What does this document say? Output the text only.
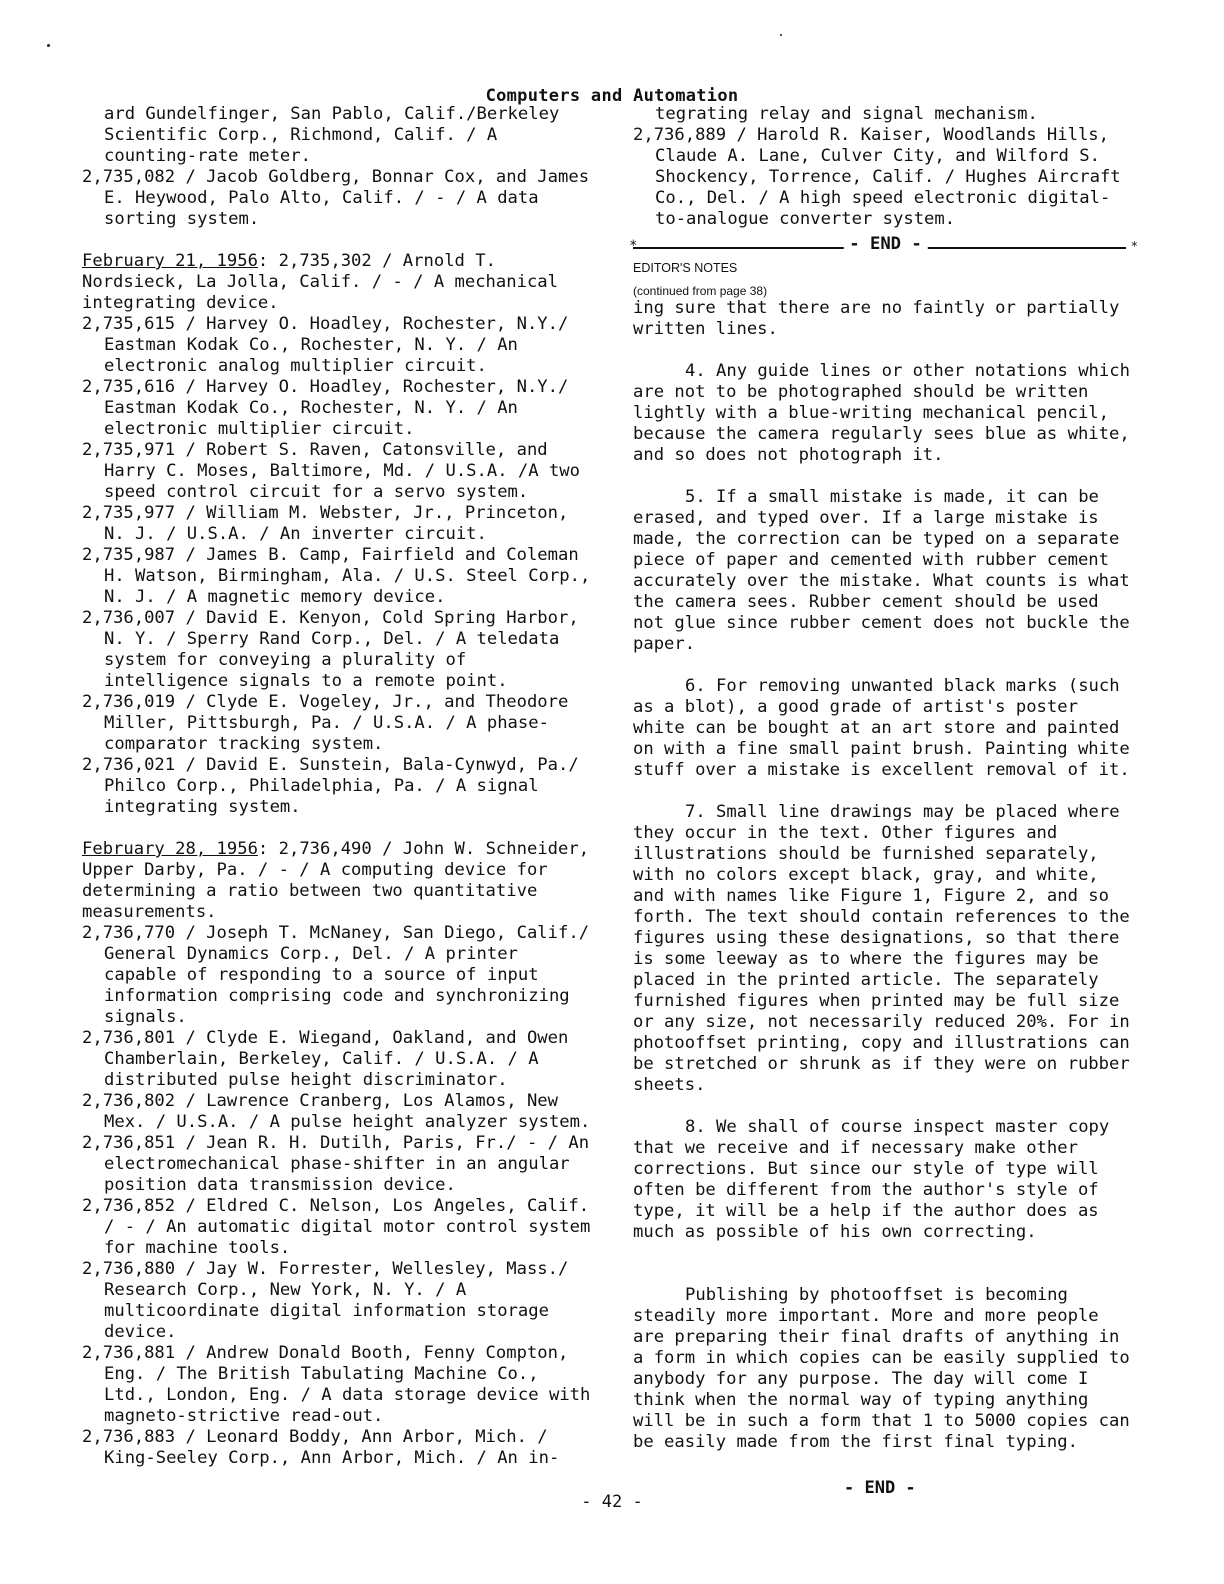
Computers and Automation

ard Gundelfinger, San Pablo, Calif./Berkeley Scientific Corp., Richmond, Calif. / A counting-rate meter.

2,735,082 / Jacob Goldberg, Bonnar Cox, and James E. Heywood, Palo Alto, Calif. / - / A data sorting system.

February 21, 1956: 2,735,302 / Arnold T. Nordsieck, La Jolla, Calif. / - / A mechanical integrating device.

2,735,615 / Harvey O. Hoadley, Rochester, N.Y./ Eastman Kodak Co., Rochester, N. Y. / An electronic analog multiplier circuit.

2,735,616 / Harvey O. Hoadley, Rochester, N.Y./ Eastman Kodak Co., Rochester, N. Y. / An electronic multiplier circuit.

2,735,971 / Robert S. Raven, Catonsville, and Harry C. Moses, Baltimore, Md. / U.S.A. /A two speed control circuit for a servo system.

2,735,977 / William M. Webster, Jr., Princeton, N. J. / U.S.A. / An inverter circuit.

2,735,987 / James B. Camp, Fairfield and Coleman H. Watson, Birmingham, Ala. / U.S. Steel Corp., N. J. / A magnetic memory device.

2,736,007 / David E. Kenyon, Cold Spring Harbor, N. Y. / Sperry Rand Corp., Del. / A teledata system for conveying a plurality of intelligence signals to a remote point.

2,736,019 / Clyde E. Vogeley, Jr., and Theodore Miller, Pittsburgh, Pa. / U.S.A. / A phase-comparator tracking system.

2,736,021 / David E. Sunstein, Bala-Cynwyd, Pa./ Philco Corp., Philadelphia, Pa. / A signal integrating system.

February 28, 1956: 2,736,490 / John W. Schneider, Upper Darby, Pa. / - / A computing device for determining a ratio between two quantitative measurements.

2,736,770 / Joseph T. McNaney, San Diego, Calif./ General Dynamics Corp., Del. / A printer capable of responding to a source of input information comprising code and synchronizing signals.

2,736,801 / Clyde E. Wiegand, Oakland, and Owen Chamberlain, Berkeley, Calif. / U.S.A. / A distributed pulse height discriminator.

2,736,802 / Lawrence Cranberg, Los Alamos, New Mex. / U.S.A. / A pulse height analyzer system.

2,736,851 / Jean R. H. Dutilh, Paris, Fr./ - / An electromechanical phase-shifter in an angular position data transmission device.

2,736,852 / Eldred C. Nelson, Los Angeles, Calif. / - / An automatic digital motor control system for machine tools.

2,736,880 / Jay W. Forrester, Wellesley, Mass./ Research Corp., New York, N. Y. / A multicoordinate digital information storage device.

2,736,881 / Andrew Donald Booth, Fenny Compton, Eng. / The British Tabulating Machine Co., Ltd., London, Eng. / A data storage device with magneto-strictive read-out.

2,736,883 / Leonard Boddy, Ann Arbor, Mich. / King-Seeley Corp., Ann Arbor, Mich. / An in-

tegrating relay and signal mechanism.

2,736,889 / Harold R. Kaiser, Woodlands Hills, Claude A. Lane, Culver City, and Wilford S. Shockency, Torrence, Calif. / Hughes Aircraft Co., Del. / A high speed electronic digital-to-analogue converter system.

*	- END -	*
EDITOR'S NOTES
(continued from page 38)

ing sure that there are no faintly or partially written lines.

4. Any guide lines or other notations which are not to be photographed should be written lightly with a blue-writing mechanical pencil, because the camera regularly sees blue as white, and so does not photograph it.

5. If a small mistake is made, it can be erased, and typed over. If a large mistake is made, the correction can be typed on a separate piece of paper and cemented with rubber cement accurately over the mistake. What counts is what the camera sees. Rubber cement should be used not glue since rubber cement does not buckle the paper.

6. For removing unwanted black marks (such as a blot), a good grade of artist's poster white can be bought at an art store and painted on with a fine small paint brush. Painting white stuff over a mistake is excellent removal of it.

7. Small line drawings may be placed where they occur in the text. Other figures and illustrations should be furnished separately, with no colors except black, gray, and white, and with names like Figure 1, Figure 2, and so forth. The text should contain references to the figures using these designations, so that there is some leeway as to where the figures may be placed in the printed article. The separately furnished figures when printed may be full size or any size, not necessarily reduced 20%. For in photooffset printing, copy and illustrations can be stretched or shrunk as if they were on rubber sheets.

8. We shall of course inspect master copy that we receive and if necessary make other corrections. But since our style of type will often be different from the author's style of type, it will be a help if the author does as much as possible of his own correcting.

Publishing by photooffset is becoming steadily more important. More and more people are preparing their final drafts of anything in a form in which copies can be easily supplied to anybody for any purpose. The day will come I think when the normal way of typing anything will be in such a form that 1 to 5000 copies can be easily made from the first final typing.

- END -
- 42 -
